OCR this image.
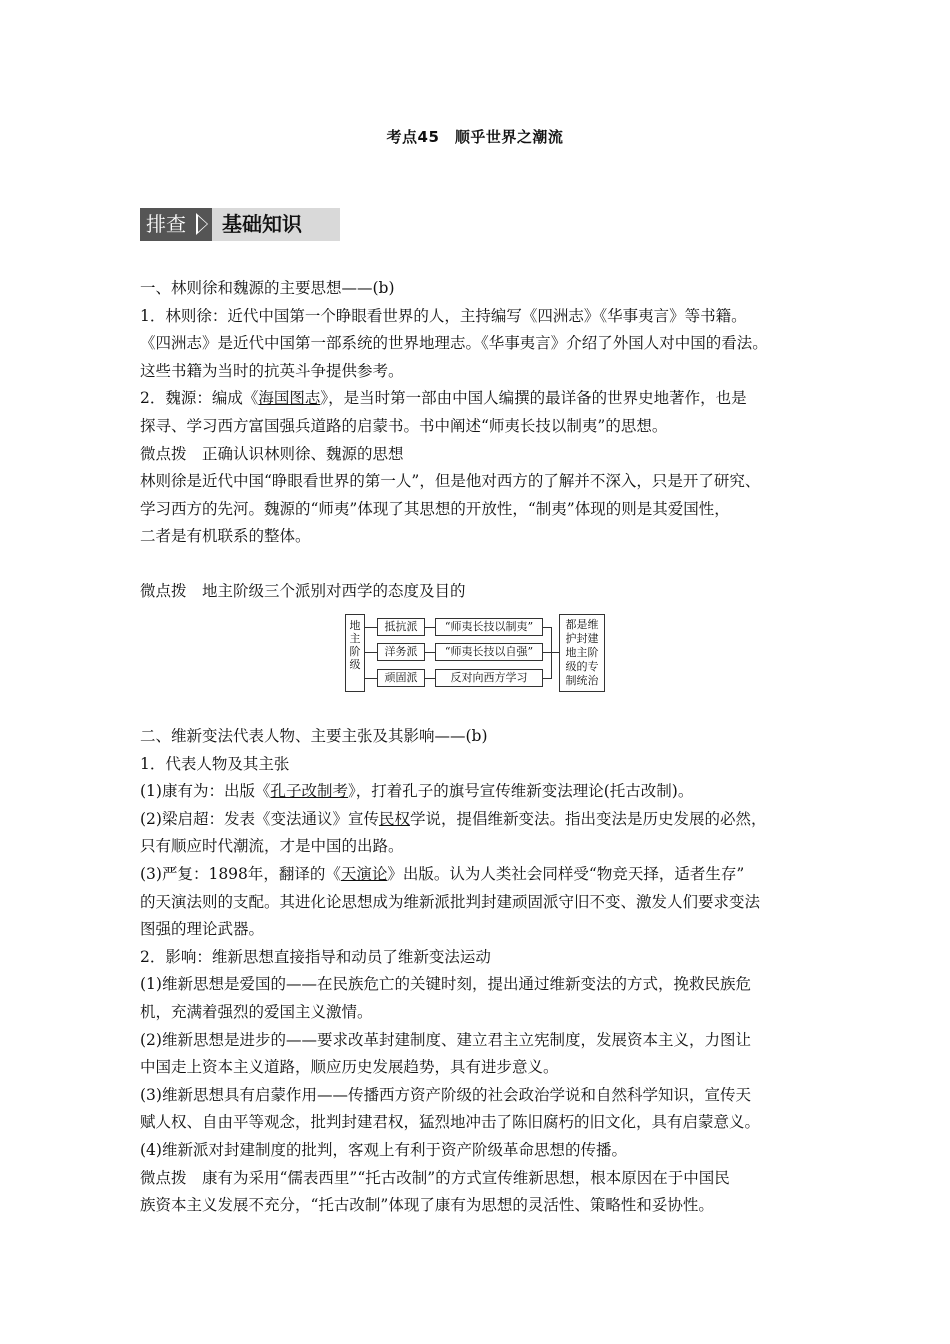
考点45　顺乎世界之潮流
排查	基础知识

一、林则徐和魏源的主要思想——(b)

1．林则徐：近代中国第一个睁眼看世界的人，主持编写《四洲志》《华事夷言》等书籍。

《四洲志》是近代中国第一部系统的世界地理志。《华事夷言》介绍了外国人对中国的看法。

这些书籍为当时的抗英斗争提供参考。

2．魏源：编成《海国图志》，是当时第一部由中国人编撰的最详备的世界史地著作，也是

探寻、学习西方富国强兵道路的启蒙书。书中阐述“师夷长技以制夷”的思想。

微点拨　正确认识林则徐、魏源的思想

林则徐是近代中国“睁眼看世界的第一人”，但是他对西方的了解并不深入，只是开了研究、

学习西方的先河。魏源的“师夷”体现了其思想的开放性，“制夷”体现的则是其爱国性，

二者是有机联系的整体。

微点拨　地主阶级三个派别对西学的态度及目的

地
主
阶
级
抵抗派
洋务派
顽固派
“师夷长技以制夷”
“师夷长技以自强”
反对向西方学习
都是维
护封建
地主阶
级的专
制统治

二、维新变法代表人物、主要主张及其影响——(b)

1．代表人物及其主张

(1)康有为：出版《孔子改制考》，打着孔子的旗号宣传维新变法理论(托古改制)。

(2)梁启超：发表《变法通议》宣传民权学说，提倡维新变法。指出变法是历史发展的必然，

只有顺应时代潮流，才是中国的出路。

(3)严复：1898年，翻译的《天演论》出版。认为人类社会同样受“物竞天择，适者生存”

的天演法则的支配。其进化论思想成为维新派批判封建顽固派守旧不变、激发人们要求变法

图强的理论武器。

2．影响：维新思想直接指导和动员了维新变法运动

(1)维新思想是爱国的——在民族危亡的关键时刻，提出通过维新变法的方式，挽救民族危

机，充满着强烈的爱国主义激情。

(2)维新思想是进步的——要求改革封建制度、建立君主立宪制度，发展资本主义，力图让

中国走上资本主义道路，顺应历史发展趋势，具有进步意义。

(3)维新思想具有启蒙作用——传播西方资产阶级的社会政治学说和自然科学知识，宣传天

赋人权、自由平等观念，批判封建君权，猛烈地冲击了陈旧腐朽的旧文化，具有启蒙意义。

(4)维新派对封建制度的批判，客观上有利于资产阶级革命思想的传播。

微点拨　康有为采用“儒表西里”“托古改制”的方式宣传维新思想，根本原因在于中国民

族资本主义发展不充分，“托古改制”体现了康有为思想的灵活性、策略性和妥协性。
